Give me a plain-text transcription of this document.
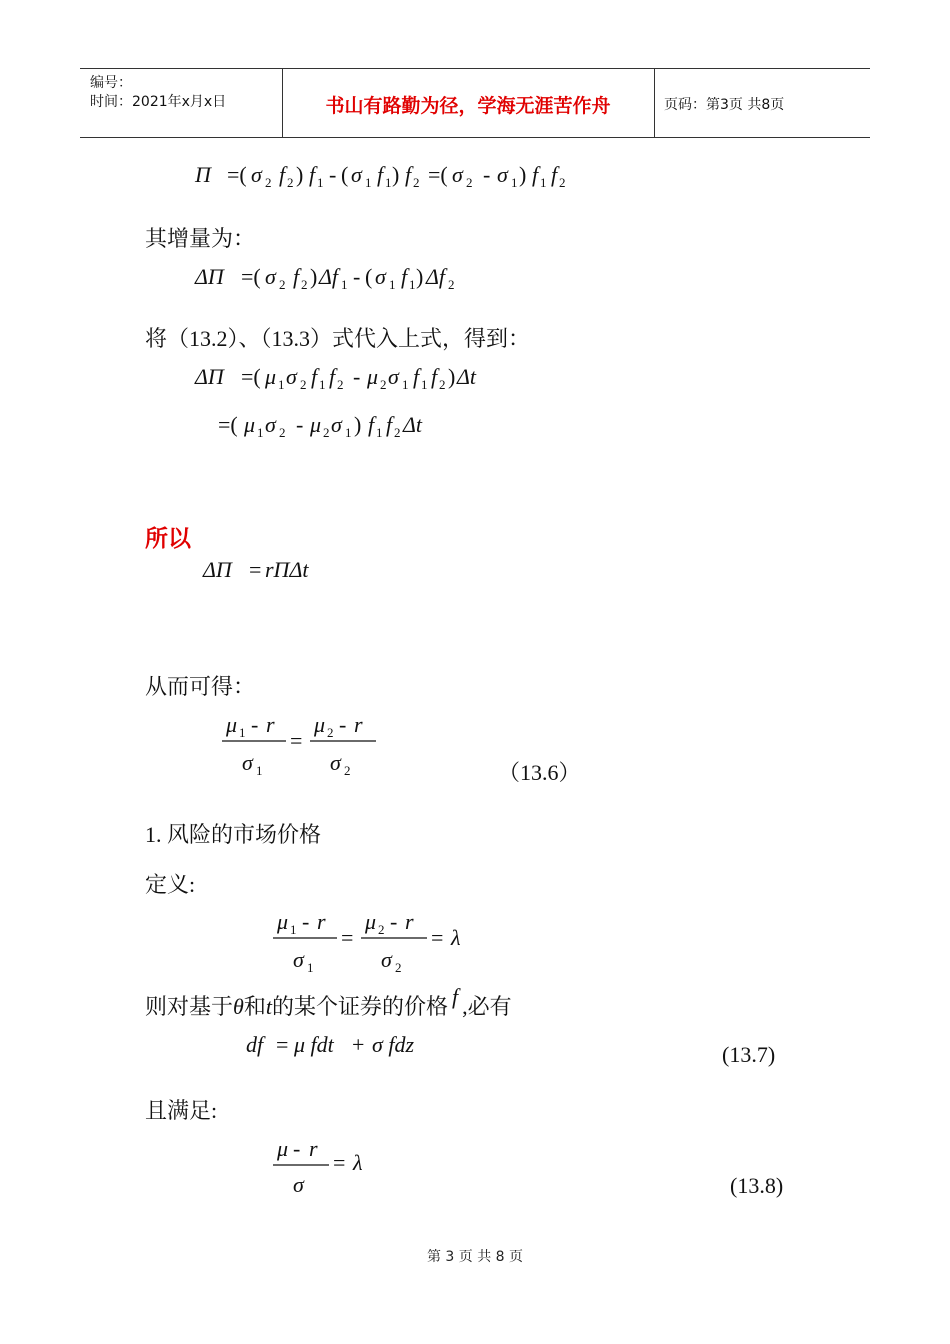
编号：
时间：2021年x月x日	书山有路勤为径，学海无涯苦作舟	页码：第3页 共8页
Π =( σ 2 f 2 ) f 1 - ( σ 1 f 1 ) f 2 =( σ 2 - σ 1 ) f 1 f 2
其增量为：
ΔΠ =( σ 2 f 2 ) Δf 1 - ( σ 1 f 1 ) Δf 2
将（13.2）、（13.3）式代入上式，得到：
ΔΠ =( μ 1 σ 2 f 1 f 2 - μ 2 σ 1 f 1 f 2 ) Δt
=( μ 1 σ 2 - μ 2 σ 1 ) f 1 f 2 Δt
所以
ΔΠ = rΠΔt
从而可得：
μ 1 - r
σ 1
=
μ 2 - r
σ 2	（13.6）
1. 风险的市场价格
定义:
μ 1 - r
σ 1
=
μ 2 - r
σ 2
= λ
则对基于θ和t的某个证券的价格 f ,必有
df = μ fdt + σ fdz	(13.7)
且满足:
μ - r
σ
= λ
(13.8)
第 3 页 共 8 页
